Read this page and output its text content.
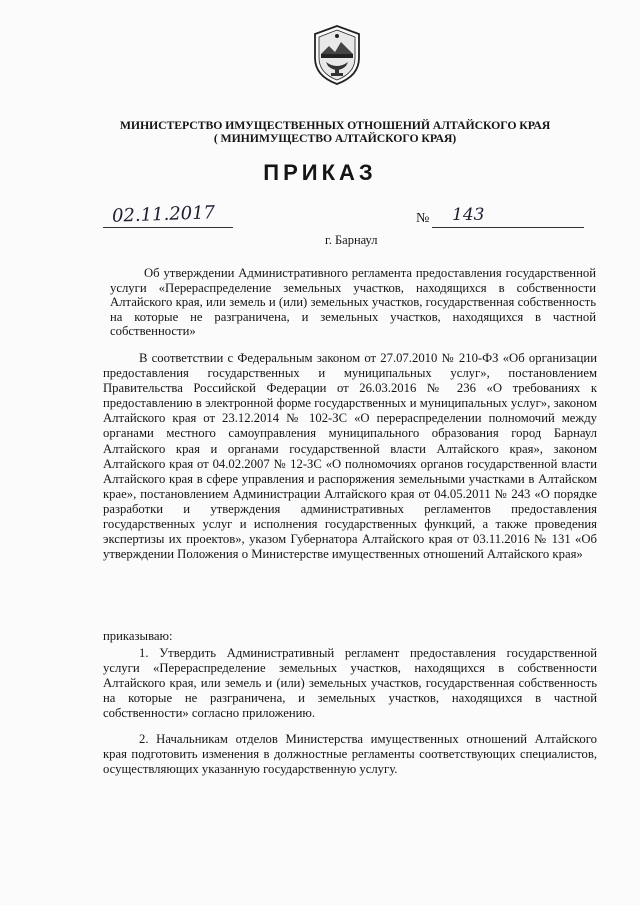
МИНИСТЕРСТВО ИМУЩЕСТВЕННЫХ ОТНОШЕНИЙ АЛТАЙСКОГО КРАЯ
( МИНИМУЩЕСТВО АЛТАЙСКОГО КРАЯ)
ПРИКАЗ
02.11.2017	№ 143
г. Барнаул
Об утверждении Административного регламента предоставления государственной услуги «Перераспределение земельных участков, находящихся в собственности Алтайского края, или земель и (или) земельных участков, государственная собственность на которые не разграничена, и земельных участков, находящихся в частной собственности»

В соответствии с Федеральным законом от 27.07.2010 № 210-ФЗ «Об организации предоставления государственных и муниципальных услуг», постановлением Правительства Российской Федерации от 26.03.2016 № 236 «О требованиях к предоставлению в электронной форме государственных и муниципальных услуг», законом Алтайского края от 23.12.2014 № 102-ЗС «О перераспределении полномочий между органами местного самоуправления муниципального образования город Барнаул Алтайского края и органами государственной власти Алтайского края», законом Алтайского края от 04.02.2007 № 12-ЗС «О полномочиях органов государственной власти Алтайского края в сфере управления и распоряжения земельными участками в Алтайском крае», постановлением Администрации Алтайского края от 04.05.2011 № 243 «О порядке разработки и утверждения административных регламентов предоставления государственных услуг и исполнения государственных функций, а также проведения экспертизы их проектов», указом Губернатора Алтайского края от 03.11.2016 № 131 «Об утверждении Положения о Министерстве имущественных отношений Алтайского края»

приказываю:

1. Утвердить Административный регламент предоставления государственной услуги «Перераспределение земельных участков, находящихся в собственности Алтайского края, или земель и (или) земельных участков, государственная собственность на которые не разграничена, и земельных участков, находящихся в частной собственности» согласно приложению.

2. Начальникам отделов Министерства имущественных отношений Алтайского края подготовить изменения в должностные регламенты соответствующих специалистов, осуществляющих указанную государственную услугу.
